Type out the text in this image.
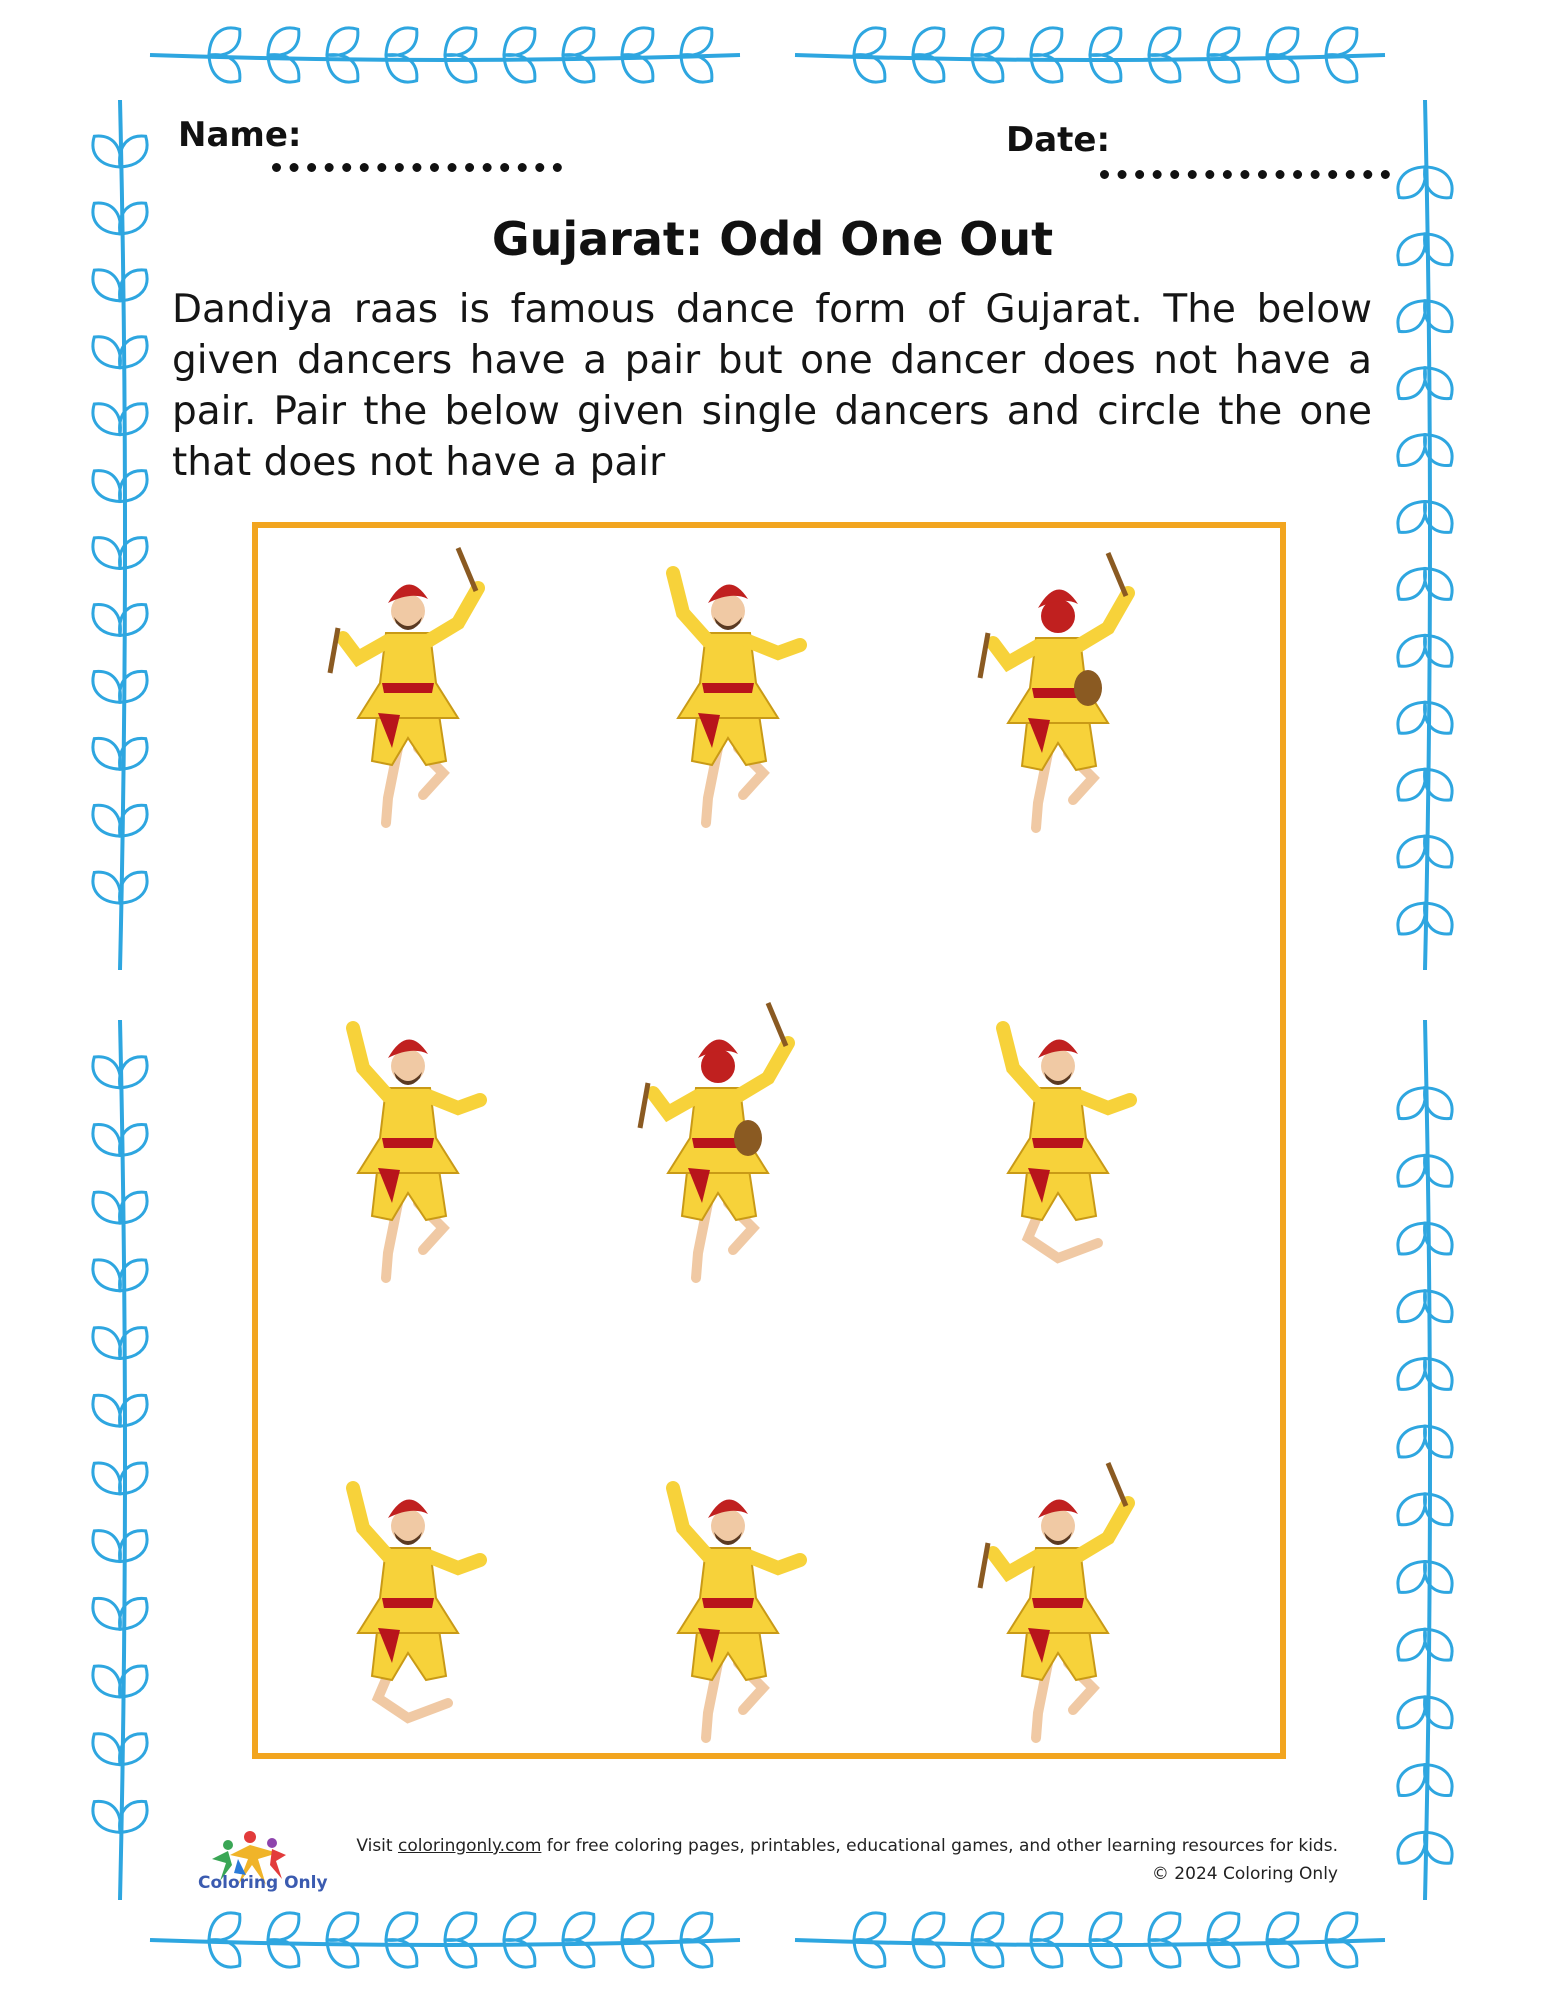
Name:	Date:
Gujarat: Odd One Out

Dandiya raas is famous dance form of Gujarat. The below given dancers have a pair but one dancer does not have a pair. Pair the below given single dancers and circle the one that does not have a pair

Coloring Only
Visit coloringonly.com for free coloring pages, printables, educational games, and other learning resources for kids.
© 2024 Coloring Only
